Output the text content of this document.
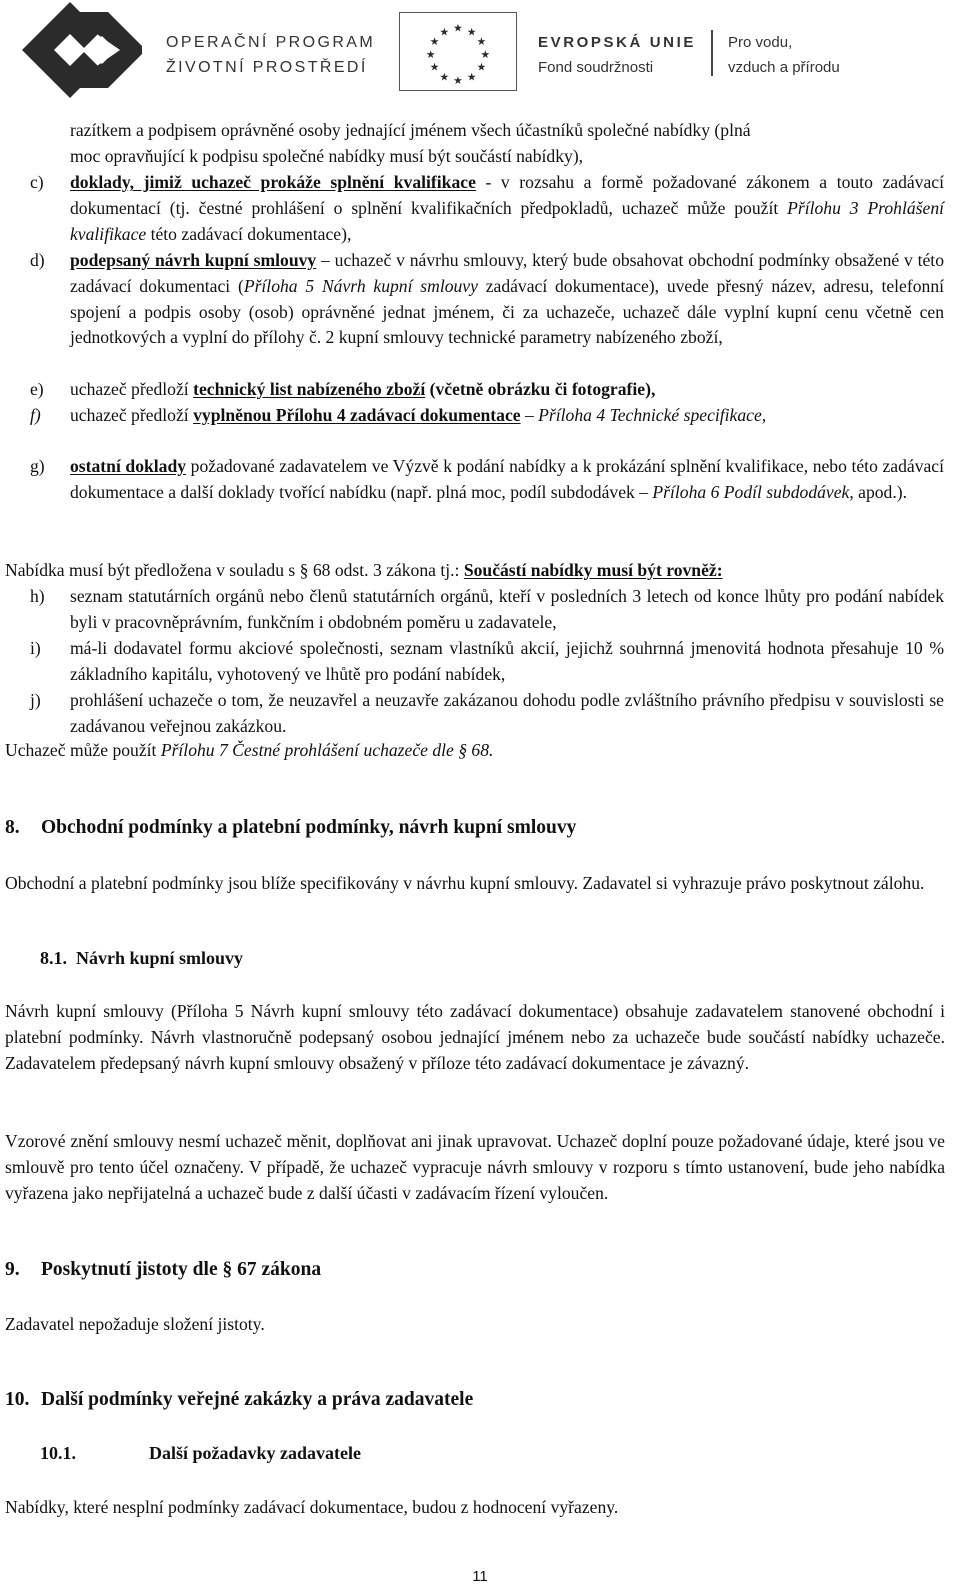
OPERAČNÍ PROGRAM
ŽIVOTNÍ PROSTŘEDÍ
★ ★
★
★
★
★
★
★
★
★
★
★
EVROPSKÁ UNIE
Fond soudržnosti
Pro vodu,
vzduch a přírodu
razítkem a podpisem oprávněné osoby jednající jménem všech účastníků společné nabídky (plná
moc opravňující k podpisu společné nabídky musí být součástí nabídky),
c) doklady, jimiž uchazeč prokáže splnění kvalifikace - v rozsahu a formě požadované zákonem a touto zadávací dokumentací (tj. čestné prohlášení o splnění kvalifikačních předpokladů, uchazeč může použít Přílohu 3 Prohlášení kvalifikace této zadávací dokumentace),
d) podepsaný návrh kupní smlouvy – uchazeč v návrhu smlouvy, který bude obsahovat obchodní podmínky obsažené v této zadávací dokumentaci (Příloha 5 Návrh kupní smlouvy zadávací dokumentace), uvede přesný název, adresu, telefonní spojení a podpis osoby (osob) oprávněné jednat jménem, či za uchazeče, uchazeč dále vyplní kupní cenu včetně cen jednotkových a vyplní do přílohy č. 2 kupní smlouvy technické parametry nabízeného zboží,
e) uchazeč předloží technický list nabízeného zboží (včetně obrázku či fotografie),
f) uchazeč předloží vyplněnou Přílohu 4 zadávací dokumentace – Příloha 4 Technické specifikace,
g) ostatní doklady požadované zadavatelem ve Výzvě k podání nabídky a k prokázání splnění kvalifikace, nebo této zadávací dokumentace a další doklady tvořící nabídku (např. plná moc, podíl subdodávek – Příloha 6 Podíl subdodávek, apod.).
Nabídka musí být předložena v souladu s § 68 odst. 3 zákona tj.: Součástí nabídky musí být rovněž:
h) seznam statutárních orgánů nebo členů statutárních orgánů, kteří v posledních 3 letech od konce lhůty pro podání nabídek byli v pracovněprávním, funkčním i obdobném poměru u zadavatele,
i) má-li dodavatel formu akciové společnosti, seznam vlastníků akcií, jejichž souhrnná jmenovitá hodnota přesahuje 10 % základního kapitálu, vyhotovený ve lhůtě pro podání nabídek,
j) prohlášení uchazeče o tom, že neuzavřel a neuzavře zakázanou dohodu podle zvláštního právního předpisu v souvislosti se zadávanou veřejnou zakázkou.
Uchazeč může použít Přílohu 7 Čestné prohlášení uchazeče dle § 68.
8. Obchodní podmínky a platební podmínky, návrh kupní smlouvy
Obchodní a platební podmínky jsou blíže specifikovány v návrhu kupní smlouvy. Zadavatel si vyhrazuje právo poskytnout zálohu.
8.1. Návrh kupní smlouvy
Návrh kupní smlouvy (Příloha 5 Návrh kupní smlouvy této zadávací dokumentace) obsahuje zadavatelem stanovené obchodní i platební podmínky. Návrh vlastnoručně podepsaný osobou jednající jménem nebo za uchazeče bude součástí nabídky uchazeče. Zadavatelem předepsaný návrh kupní smlouvy obsažený v příloze této zadávací dokumentace je závazný.
Vzorové znění smlouvy nesmí uchazeč měnit, doplňovat ani jinak upravovat. Uchazeč doplní pouze požadované údaje, které jsou ve smlouvě pro tento účel označeny. V případě, že uchazeč vypracuje návrh smlouvy v rozporu s tímto ustanovení, bude jeho nabídka vyřazena jako nepřijatelná a uchazeč bude z další účasti v zadávacím řízení vyloučen.
9. Poskytnutí jistoty dle § 67 zákona
Zadavatel nepožaduje složení jistoty.
10. Další podmínky veřejné zakázky a práva zadavatele
10.1.	Další požadavky zadavatele
Nabídky, které nesplní podmínky zadávací dokumentace, budou z hodnocení vyřazeny.
11
